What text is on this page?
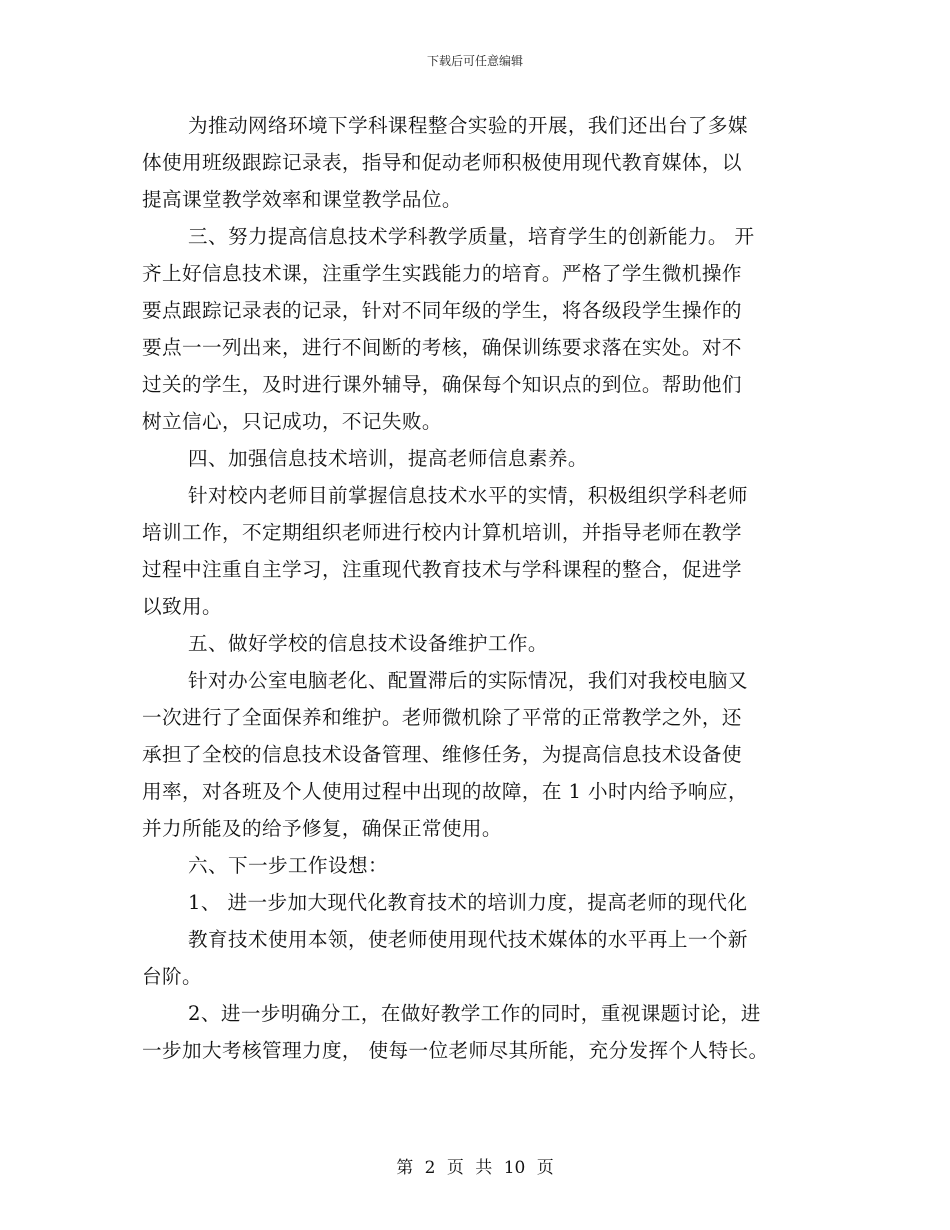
下载后可任意编辑
为推动网络环境下学科课程整合实验的开展，我们还出台了多媒
体使用班级跟踪记录表，指导和促动老师积极使用现代教育媒体，以
提高课堂教学效率和课堂教学品位。
三、努力提高信息技术学科教学质量，培育学生的创新能力。 开
齐上好信息技术课，注重学生实践能力的培育。严格了学生微机操作
要点跟踪记录表的记录，针对不同年级的学生，将各级段学生操作的
要点一一列出来，进行不间断的考核，确保训练要求落在实处。对不
过关的学生，及时进行课外辅导，确保每个知识点的到位。帮助他们
树立信心，只记成功，不记失败。
四、加强信息技术培训，提高老师信息素养。
针对校内老师目前掌握信息技术水平的实情，积极组织学科老师
培训工作，不定期组织老师进行校内计算机培训，并指导老师在教学
过程中注重自主学习，注重现代教育技术与学科课程的整合，促进学
以致用。
五、做好学校的信息技术设备维护工作。
针对办公室电脑老化、配置滞后的实际情况，我们对我校电脑又
一次进行了全面保养和维护。老师微机除了平常的正常教学之外，还
承担了全校的信息技术设备管理、维修任务，为提高信息技术设备使
用率，对各班及个人使用过程中出现的故障，在 1 小时内给予响应，
并力所能及的给予修复，确保正常使用。
六、下一步工作设想：
1、 进一步加大现代化教育技术的培训力度，提高老师的现代化
教育技术使用本领，使老师使用现代技术媒体的水平再上一个新
台阶。
2、进一步明确分工，在做好教学工作的同时，重视课题讨论，进
一步加大考核管理力度， 使每一位老师尽其所能，充分发挥个人特长。
第 2 页 共 10 页
